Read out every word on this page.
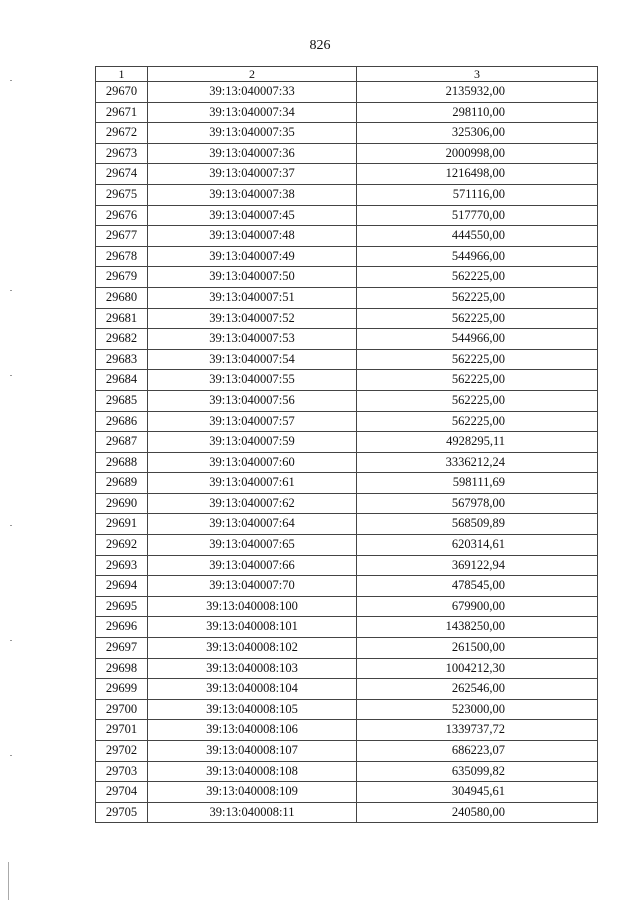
826
1	2	3
29670	39:13:040007:33	2135932,00
29671	39:13:040007:34	298110,00
29672	39:13:040007:35	325306,00
29673	39:13:040007:36	2000998,00
29674	39:13:040007:37	1216498,00
29675	39:13:040007:38	571116,00
29676	39:13:040007:45	517770,00
29677	39:13:040007:48	444550,00
29678	39:13:040007:49	544966,00
29679	39:13:040007:50	562225,00
29680	39:13:040007:51	562225,00
29681	39:13:040007:52	562225,00
29682	39:13:040007:53	544966,00
29683	39:13:040007:54	562225,00
29684	39:13:040007:55	562225,00
29685	39:13:040007:56	562225,00
29686	39:13:040007:57	562225,00
29687	39:13:040007:59	4928295,11
29688	39:13:040007:60	3336212,24
29689	39:13:040007:61	598111,69
29690	39:13:040007:62	567978,00
29691	39:13:040007:64	568509,89
29692	39:13:040007:65	620314,61
29693	39:13:040007:66	369122,94
29694	39:13:040007:70	478545,00
29695	39:13:040008:100	679900,00
29696	39:13:040008:101	1438250,00
29697	39:13:040008:102	261500,00
29698	39:13:040008:103	1004212,30
29699	39:13:040008:104	262546,00
29700	39:13:040008:105	523000,00
29701	39:13:040008:106	1339737,72
29702	39:13:040008:107	686223,07
29703	39:13:040008:108	635099,82
29704	39:13:040008:109	304945,61
29705	39:13:040008:11	240580,00
